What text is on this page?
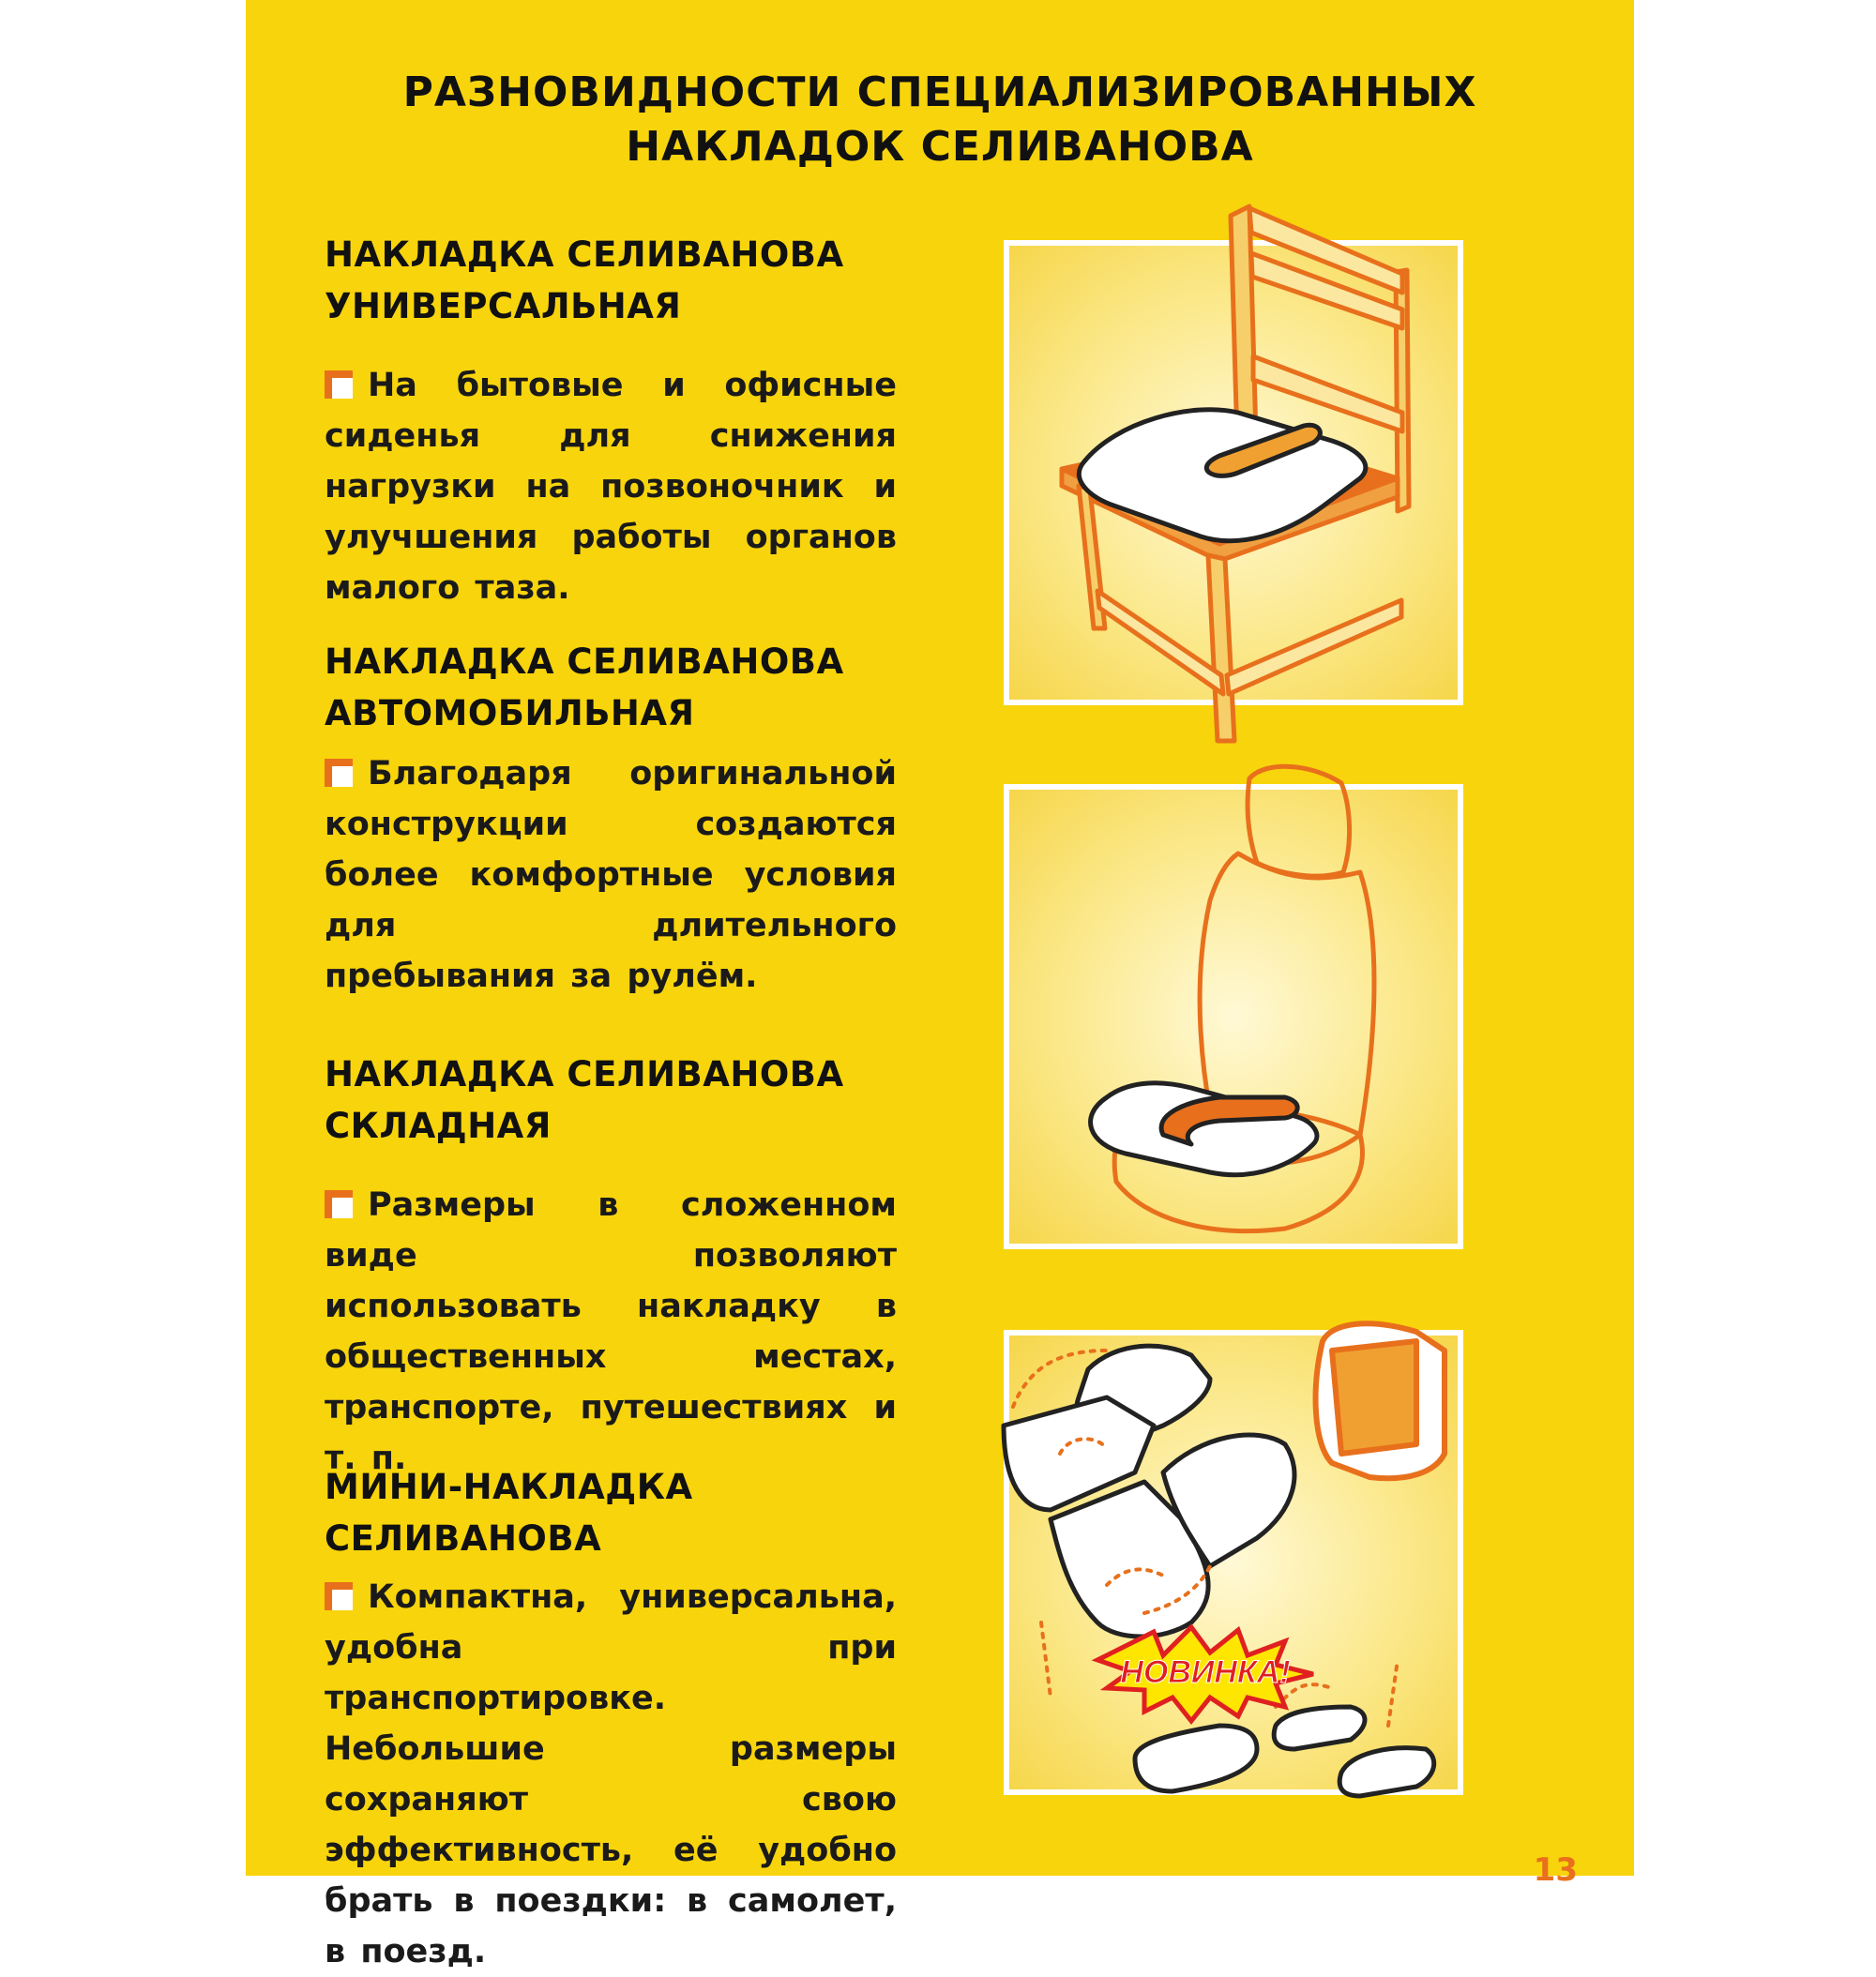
РАЗНОВИДНОСТИ СПЕЦИАЛИЗИРОВАННЫХ
НАКЛАДОК СЕЛИВАНОВА
НАКЛАДКА СЕЛИВАНОВА
УНИВЕРСАЛЬНАЯ

На бытовые и офисные сиденья для снижения нагрузки на позвоночник и улучшения работы органов малого таза.

НАКЛАДКА СЕЛИВАНОВА
АВТОМОБИЛЬНАЯ

Благодаря оригинальной конструкции создаются более комфортные условия для длительного пребывания за рулём.

НАКЛАДКА СЕЛИВАНОВА
СКЛАДНАЯ

Размеры в сложенном виде позволяют использовать накладку в общественных местах, транспорте, путешествиях и т. п.

МИНИ-НАКЛАДКА
СЕЛИВАНОВА

Компактна, универсальна, удобна при транспортировке. Небольшие размеры сохраняют свою эффективность, её удобно брать в поездки: в самолет, в поезд.

НОВИНКА!
13
